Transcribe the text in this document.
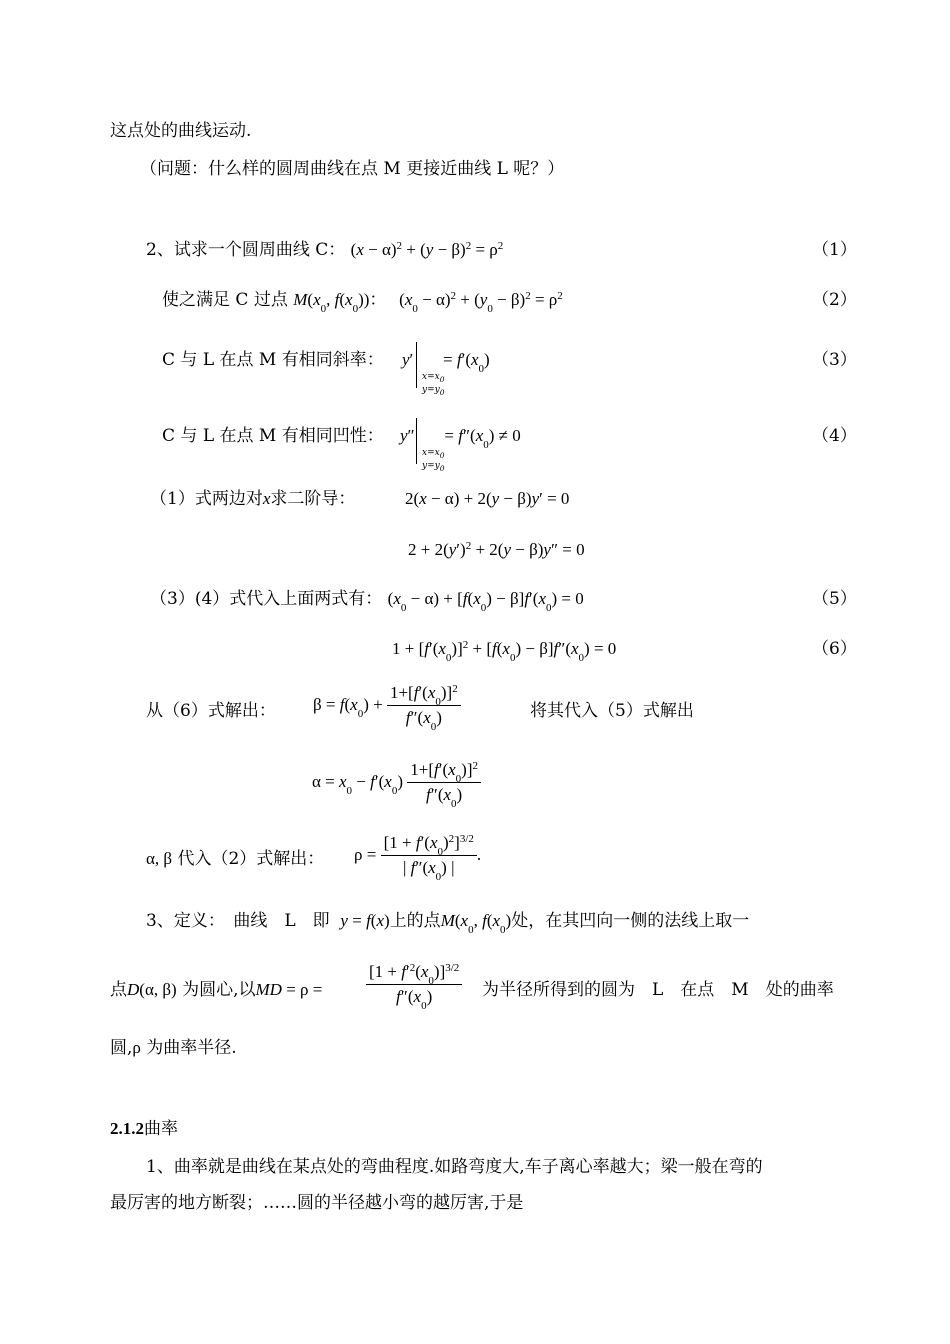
这点处的曲线运动.
（问题：什么样的圆周曲线在点 M 更接近曲线 L 呢？）
2、试求一个圆周曲线 C： $(x - \alpha)^2 + (y - \beta)^2 = \rho^2$	（1）
使之满足 C 过点 $M(x_0$, $f(x_0)$)：   $(x_0 - \alpha)^2 + (y_0 - \beta)^2 = \rho^2$	（2）
C 与 L 在点 M 有相同斜率： y′       = $f'(x_0)$
$x=x_0$
$y=y_0$
（3）
C 与 L 在点 M 有相同凹性： y″       = $f''(x_0) \ne 0$
$x=x_0$
$y=y_0$
（4）
（1）式两边对x求二阶导：	2(x − α) + 2(y − β)y′ = 0
$2 + 2(y')^2 + 2(y - \beta)y'' = 0$
（3）(4）式代入上面两式有： $(x_0 - \alpha) + [f(x_0) - \beta]f'(x_0) = 0$	（5）
$1 + [f'(x_0)]^2 + [f(x_0) - \beta]f''(x_0) = 0$	（6）
从（6）式解出： $\beta = f(x_0) + \frac{1+[f'(x_0)]^2}{f''(x_0)}$	将其代入（5）式解出
$\alpha = x_0 - f'(x_0) \frac{1+[f'(x_0)]^2}{f''(x_0)}$
α, β 代入（2）式解出： $\rho = \frac{[1 + f'(x_0)^2]^{3/2}}{| f''(x_0) |}$ .
3、定义：　曲线　L　即 y = f(x)上的点$M(x_0$, $f(x_0)$处，在其凹向一侧的法线上取一
点D(α, β) 为圆心,以MD = ρ =	$\frac{[1 + f'^2(x_0)]^{3/2}}{f''(x_0)}$ 为半径所得到的圆为　L　在点　M　处的曲率
圆,ρ 为曲率半径.
2.1.2曲率
1、曲率就是曲线在某点处的弯曲程度.如路弯度大,车子离心率越大；梁一般在弯的
最厉害的地方断裂；……圆的半径越小弯的越厉害,于是
